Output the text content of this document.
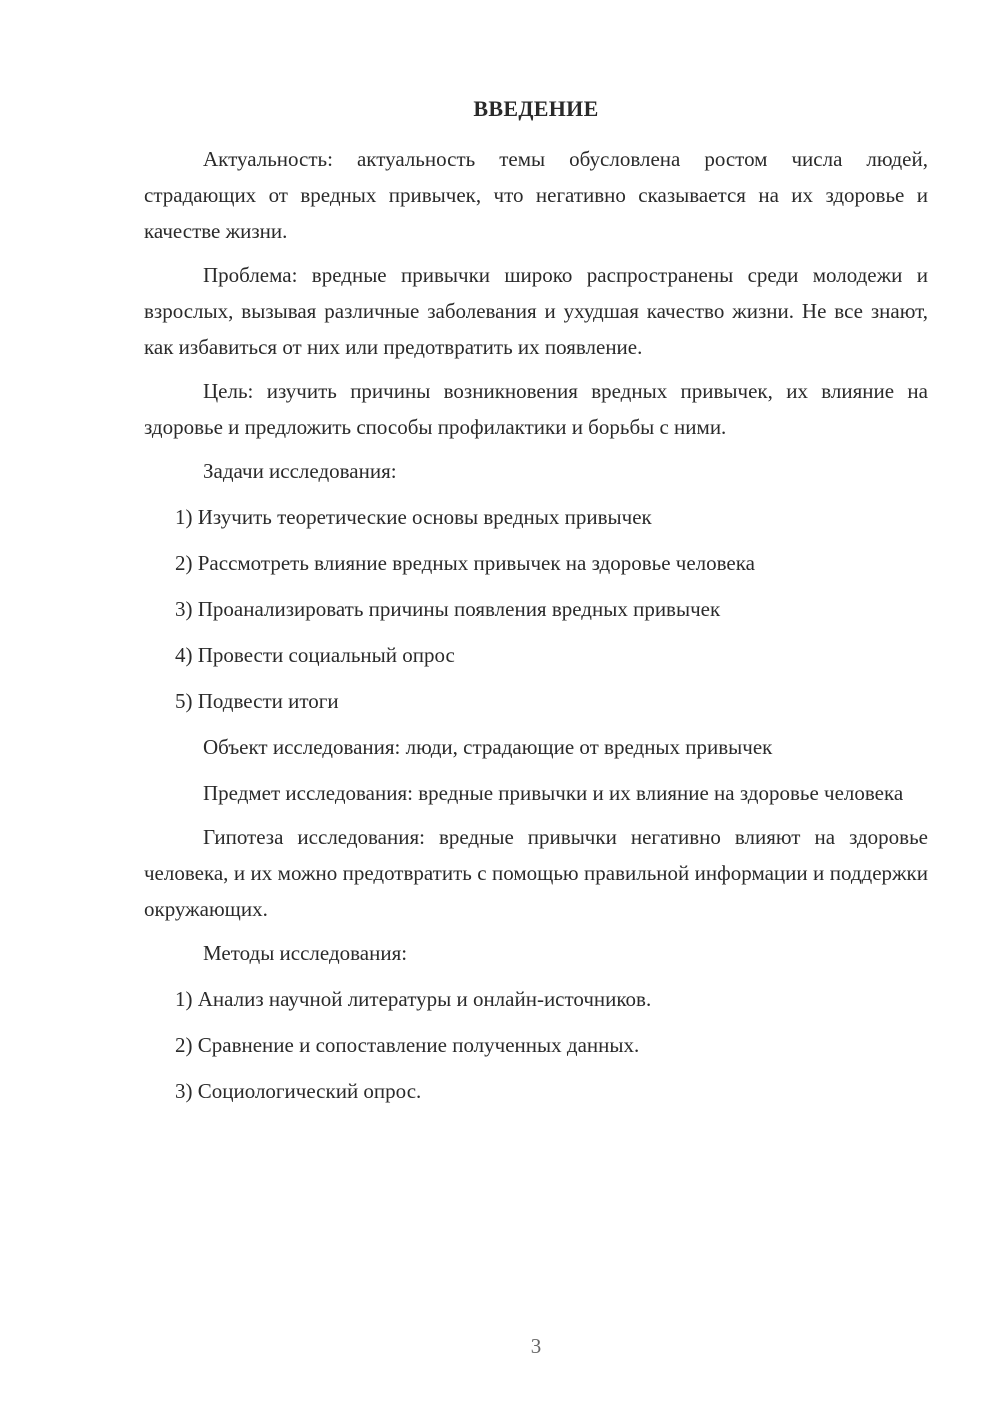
ВВЕДЕНИЕ

Актуальность: актуальность темы обусловлена ростом числа людей, страдающих от вредных привычек, что негативно сказывается на их здоровье и качестве жизни.

Проблема: вредные привычки широко распространены среди молодежи и взрослых, вызывая различные заболевания и ухудшая качество жизни. Не все знают, как избавиться от них или предотвратить их появление.

Цель: изучить причины возникновения вредных привычек, их влияние на здоровье и предложить способы профилактики и борьбы с ними.

Задачи исследования:
1) Изучить теоретические основы вредных привычек
2) Рассмотреть влияние вредных привычек на здоровье человека
3) Проанализировать причины появления вредных привычек
4) Провести социальный опрос
5) Подвести итоги
Объект исследования: люди, страдающие от вредных привычек

Предмет исследования: вредные привычки и их влияние на здоровье человека

Гипотеза исследования: вредные привычки негативно влияют на здоровье человека, и их можно предотвратить с помощью правильной информации и поддержки окружающих.

Методы исследования:
1) Анализ научной литературы и онлайн-источников.
2) Сравнение и сопоставление полученных данных.
3) Социологический опрос.
3
